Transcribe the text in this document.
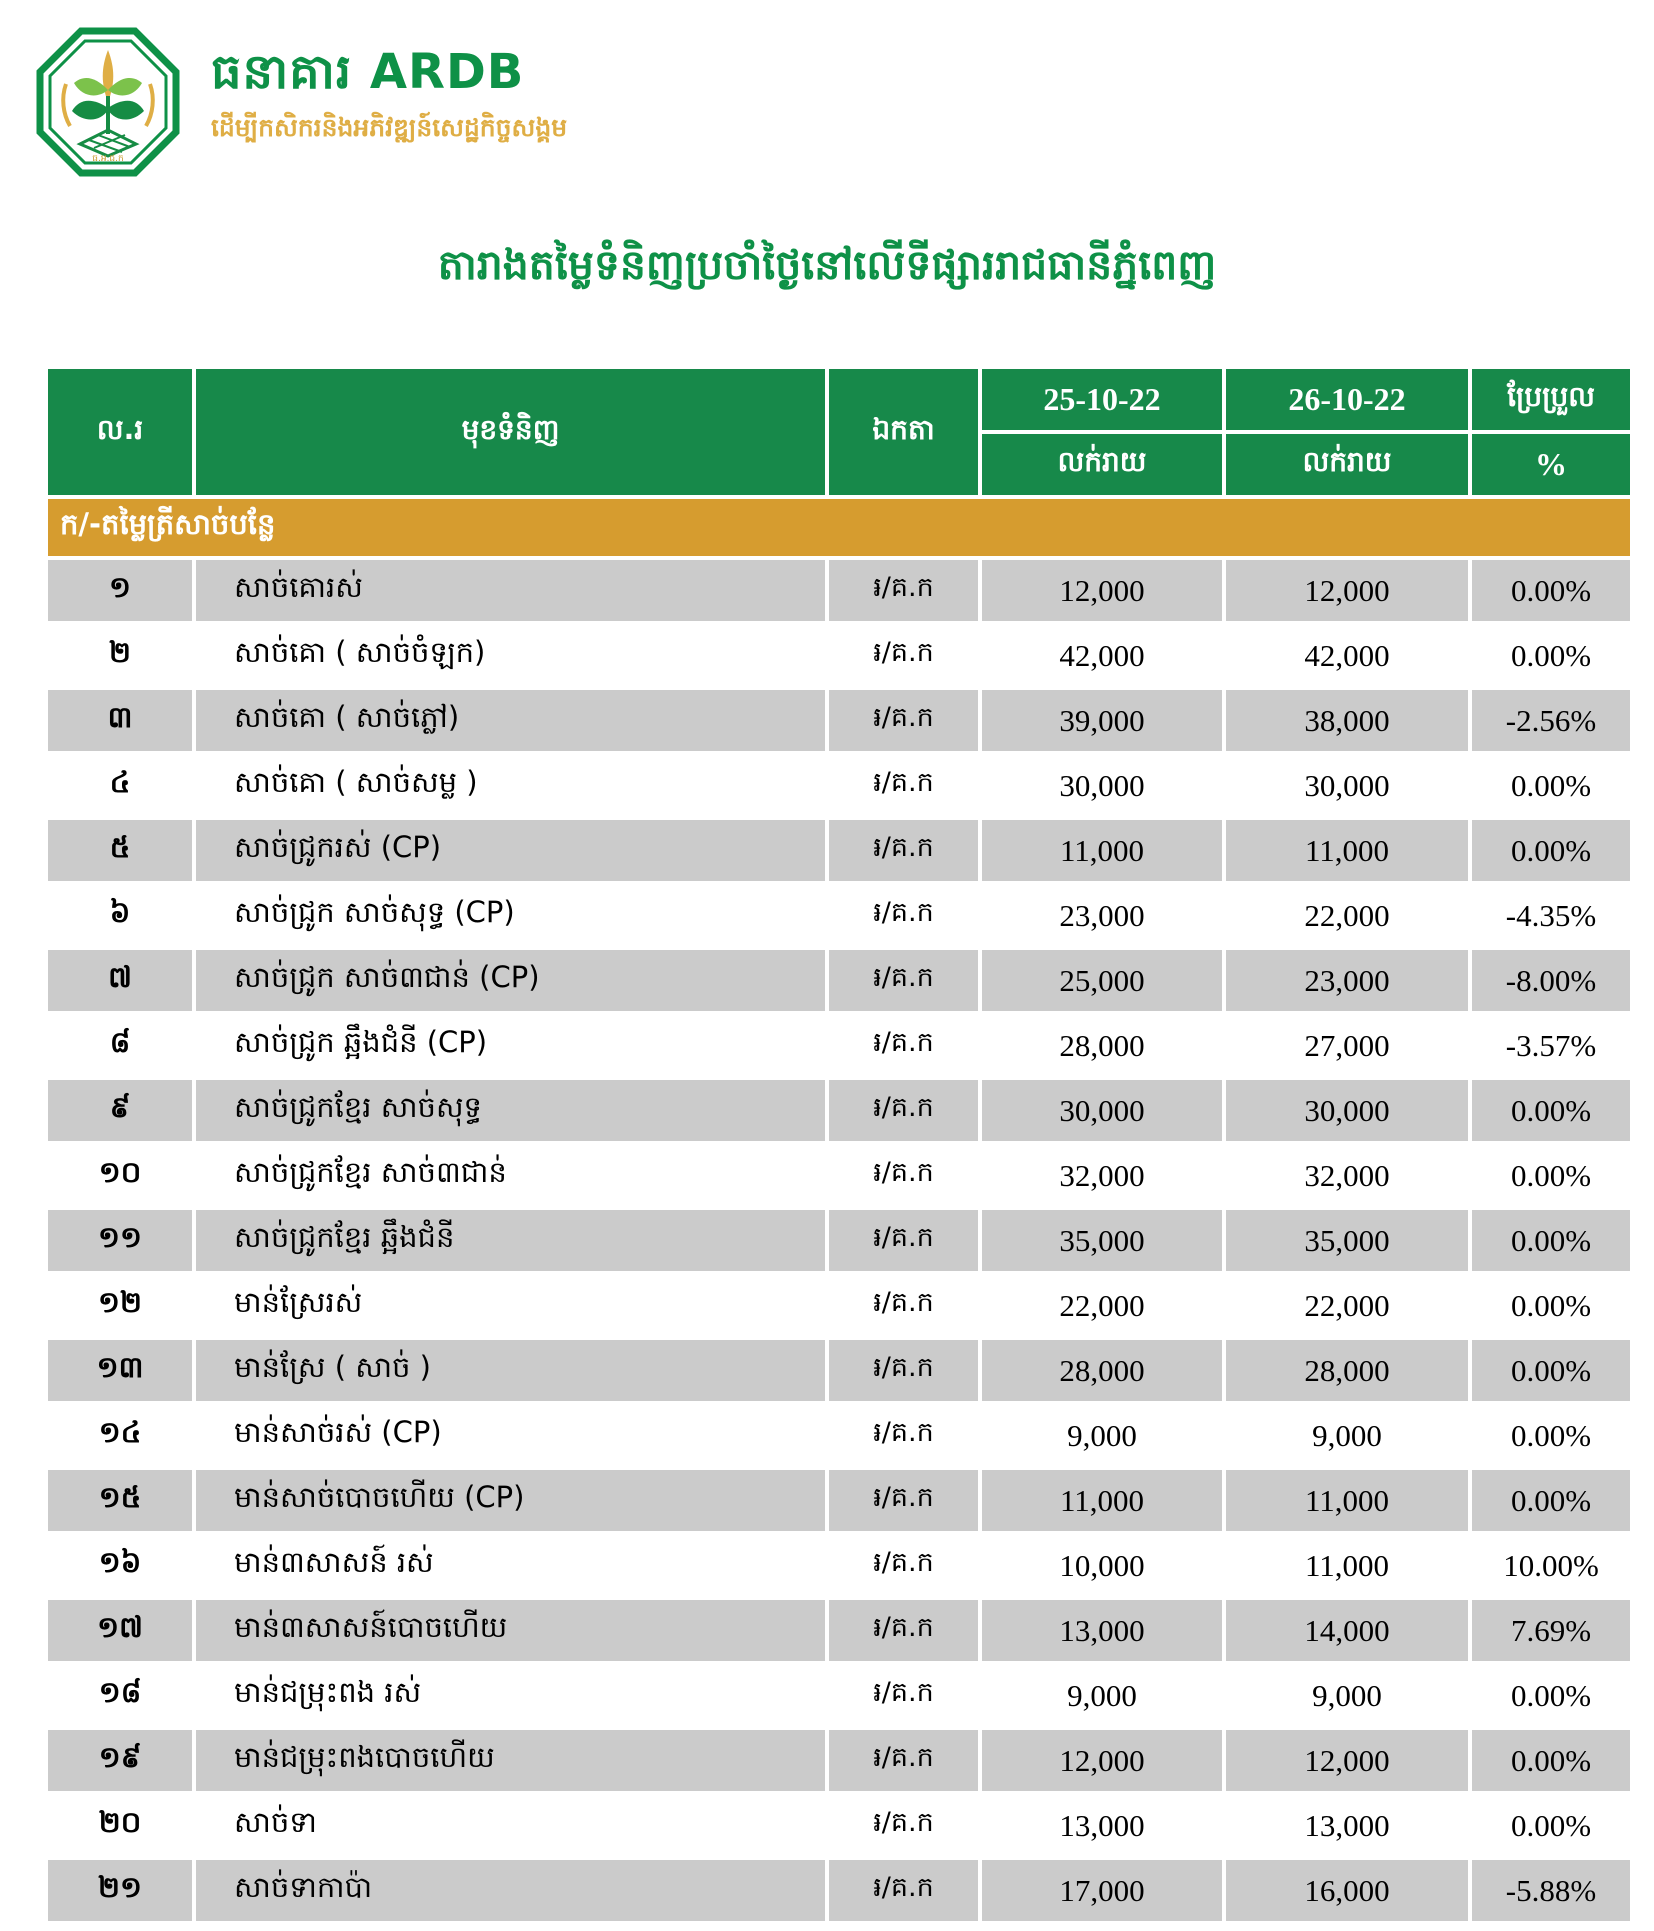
ធ.អ.ជ.ក
ធនាគារ ARDB
ដើម្បីកសិករនិងអភិវឌ្ឍន៍សេដ្ឋកិច្ចសង្គម
តារាងតម្លៃទំនិញប្រចាំថ្ងៃនៅលើទីផ្សាររាជធានីភ្នំពេញ
ល.រ	មុខទំនិញ	ឯកតា	25-10-22	26-10-22	ប្រែប្រួល
			លក់រាយ	លក់រាយ	%
ក/-តម្លៃត្រីសាច់បន្លែ					
១	សាច់គោរស់	៛/គ.ក	12,000	12,000	0.00%
២	សាច់គោ ( សាច់ចំឡក)	៛/គ.ក	42,000	42,000	0.00%
៣	សាច់គោ ( សាច់ភ្លៅ)	៛/គ.ក	39,000	38,000	-2.56%
៤	សាច់គោ ( សាច់សម្ល )	៛/គ.ក	30,000	30,000	0.00%
៥	សាច់ជ្រូករស់ (CP)	៛/គ.ក	11,000	11,000	0.00%
៦	សាច់ជ្រូក សាច់សុទ្ធ (CP)	៛/គ.ក	23,000	22,000	-4.35%
៧	សាច់ជ្រូក សាច់៣ជាន់ (CP)	៛/គ.ក	25,000	23,000	-8.00%
៨	សាច់ជ្រូក ឆ្អឹងជំនី (CP)	៛/គ.ក	28,000	27,000	-3.57%
៩	សាច់ជ្រូកខ្មែរ សាច់សុទ្ធ	៛/គ.ក	30,000	30,000	0.00%
១០	សាច់ជ្រូកខ្មែរ សាច់៣ជាន់	៛/គ.ក	32,000	32,000	0.00%
១១	សាច់ជ្រូកខ្មែរ ឆ្អឹងជំនី	៛/គ.ក	35,000	35,000	0.00%
១២	មាន់ស្រែរស់	៛/គ.ក	22,000	22,000	0.00%
១៣	មាន់ស្រែ ( សាច់ )	៛/គ.ក	28,000	28,000	0.00%
១៤	មាន់សាច់រស់ (CP)	៛/គ.ក	9,000	9,000	0.00%
១៥	មាន់សាច់បោចហើយ (CP)	៛/គ.ក	11,000	11,000	0.00%
១៦	មាន់៣សាសន៍ រស់	៛/គ.ក	10,000	11,000	10.00%
១៧	មាន់៣សាសន៍បោចហើយ	៛/គ.ក	13,000	14,000	7.69%
១៨	មាន់ជម្រុះពង រស់	៛/គ.ក	9,000	9,000	0.00%
១៩	មាន់ជម្រុះពងបោចហើយ	៛/គ.ក	12,000	12,000	0.00%
២០	សាច់ទា	៛/គ.ក	13,000	13,000	0.00%
២១	សាច់ទាកាប៉ា	៛/គ.ក	17,000	16,000	-5.88%
